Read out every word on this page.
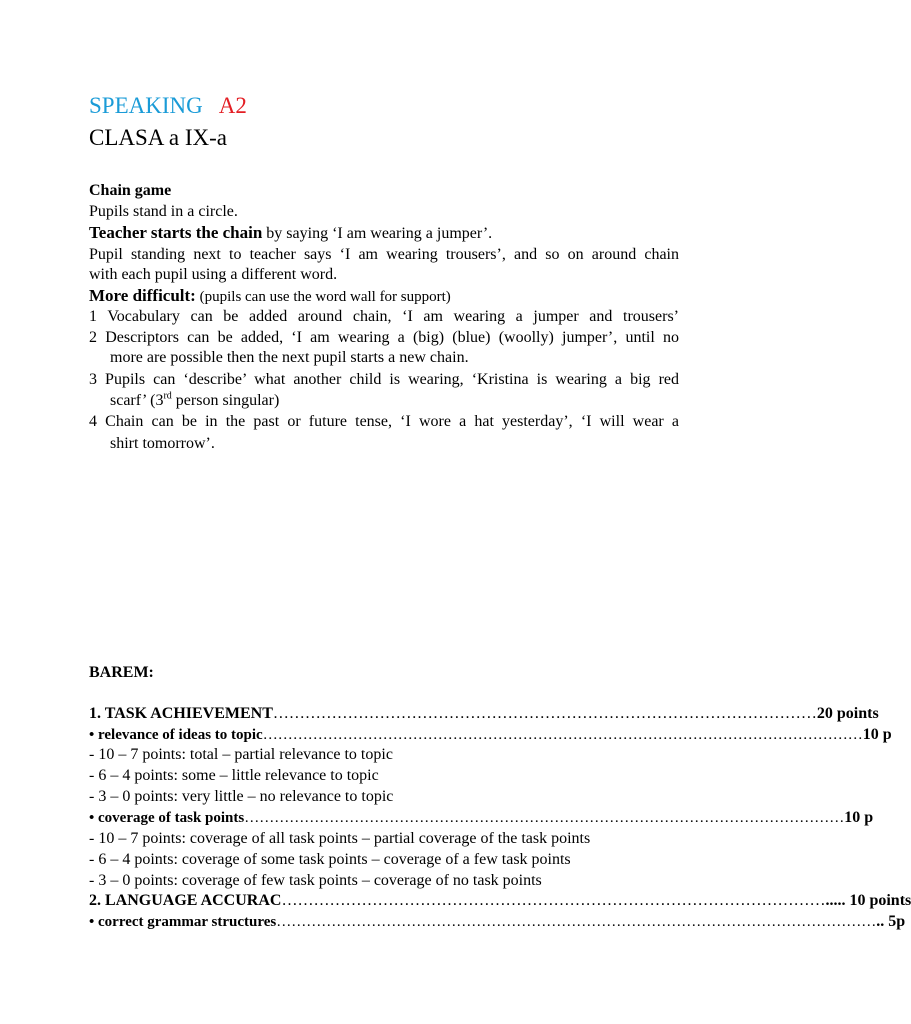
SPEAKING A2
CLASA a IX-a
Chain game
Pupils stand in a circle.
Teacher starts the chain by saying ‘I am wearing a jumper’.
Pupil standing next to teacher says ‘I am wearing trousers’, and so on around chain
with each pupil using a different word.
More difficult: (pupils can use the word wall for support)
1 Vocabulary can be added around chain, ‘I am wearing a jumper and trousers’
2 Descriptors can be added, ‘I am wearing a (big) (blue) (woolly) jumper’, until no
more are possible then the next pupil starts a new chain.
3 Pupils can ‘describe’ what another child is wearing, ‘Kristina is wearing a big red
scarf’ (3rd person singular)
4 Chain can be in the past or future tense, ‘I wore a hat yesterday’, ‘I will wear a
shirt tomorrow’.
BAREM:
1. TASK ACHIEVEMENT ………………………………………………………………………………………… 20 points
• relevance of ideas to topic ………………………………………………………………………………………………………… 10 p
- 10 – 7 points: total – partial relevance to topic
- 6 – 4 points: some – little relevance to topic
- 3 – 0 points: very little – no relevance to topic
• coverage of task points ………………………………………………………………………………………………………… 10 p
- 10 – 7 points: coverage of all task points – partial coverage of the task points
- 6 – 4 points: coverage of some task points – coverage of a few task points
- 3 – 0 points: coverage of few task points – coverage of no task points
2. LANGUAGE ACCURAC ………………………………………………………………………………………… ..... 10 points
• correct grammar structures ………………………………………………………………………………………………………… .. 5p
